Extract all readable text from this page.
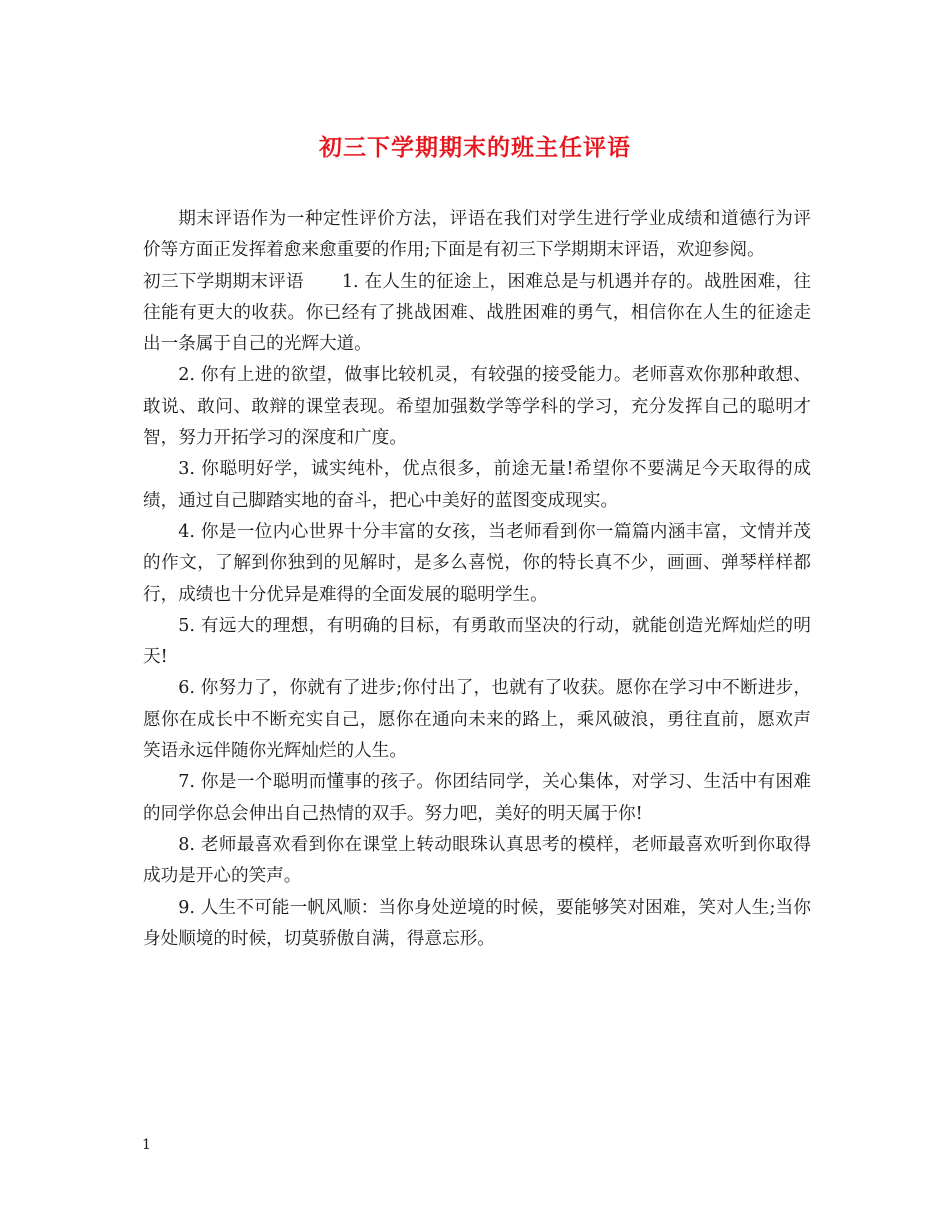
初三下学期期末的班主任评语

期末评语作为一种定性评价方法，评语在我们对学生进行学业成绩和道德行为评价等方面正发挥着愈来愈重要的作用;下面是有初三下学期期末评语，欢迎参阅。

初三下学期期末评语 1. 在人生的征途上，困难总是与机遇并存的。战胜困难，往往能有更大的收获。你已经有了挑战困难、战胜困难的勇气，相信你在人生的征途走出一条属于自己的光辉大道。

2. 你有上进的欲望，做事比较机灵，有较强的接受能力。老师喜欢你那种敢想、敢说、敢问、敢辩的课堂表现。希望加强数学等学科的学习，充分发挥自己的聪明才智，努力开拓学习的深度和广度。

3. 你聪明好学，诚实纯朴，优点很多，前途无量!希望你不要满足今天取得的成绩，通过自己脚踏实地的奋斗，把心中美好的蓝图变成现实。

4. 你是一位内心世界十分丰富的女孩，当老师看到你一篇篇内涵丰富，文情并茂的作文，了解到你独到的见解时，是多么喜悦，你的特长真不少，画画、弹琴样样都行，成绩也十分优异是难得的全面发展的聪明学生。

5. 有远大的理想，有明确的目标，有勇敢而坚决的行动，就能创造光辉灿烂的明天!

6. 你努力了，你就有了进步;你付出了，也就有了收获。愿你在学习中不断进步，愿你在成长中不断充实自己，愿你在通向未来的路上，乘风破浪，勇往直前，愿欢声笑语永远伴随你光辉灿烂的人生。

7. 你是一个聪明而懂事的孩子。你团结同学，关心集体，对学习、生活中有困难的同学你总会伸出自己热情的双手。努力吧，美好的明天属于你!

8. 老师最喜欢看到你在课堂上转动眼珠认真思考的模样，老师最喜欢听到你取得成功是开心的笑声。

9. 人生不可能一帆风顺：当你身处逆境的时候，要能够笑对困难，笑对人生;当你身处顺境的时候，切莫骄傲自满，得意忘形。

1
